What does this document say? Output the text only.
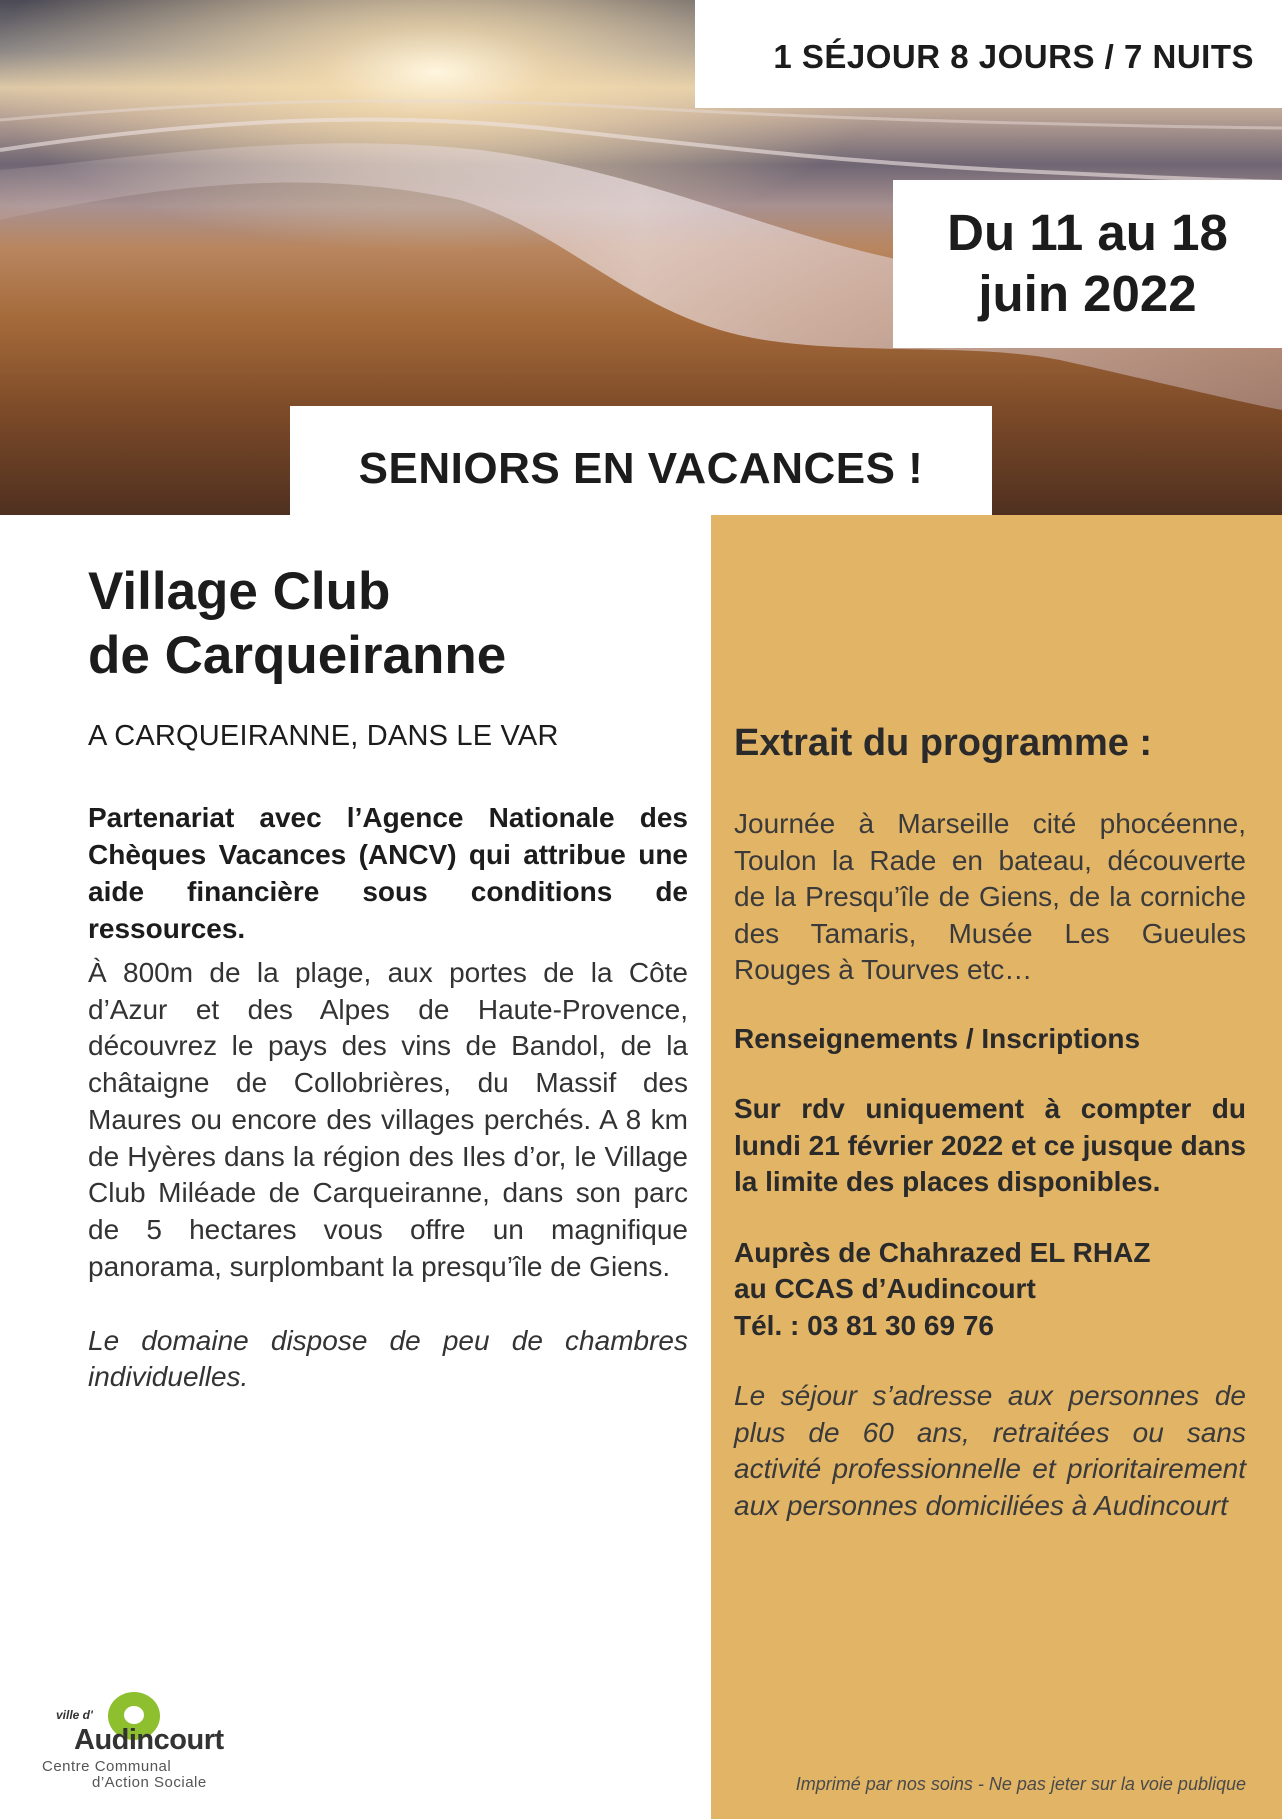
1 SÉJOUR 8 JOURS / 7 NUITS
Du 11 au 18
juin 2022
SENIORS EN VACANCES !
Village Club
de Carqueiranne
A CARQUEIRANNE, DANS LE VAR
Partenariat avec l’Agence Nationale des Chèques Vacances (ANCV) qui attribue une aide financière sous conditions de ressources.
À 800m de la plage, aux portes de la Côte d’Azur et des Alpes de Haute-Provence, découvrez le pays des vins de Bandol, de la châtaigne de Collobrières, du Massif des Maures ou encore des villages perchés. A 8 km de Hyères dans la région des Iles d’or, le Village Club Miléade de Carqueiranne, dans son parc de 5 hectares vous offre un magnifique panorama, surplombant la presqu’île de Giens.
Le domaine dispose de peu de chambres individuelles.
Extrait du programme :
Journée à Marseille cité phocéenne, Toulon la Rade en bateau, découverte de la Presqu’île de Giens, de la corniche des Tamaris, Musée Les Gueules Rouges à Tourves etc…
Renseignements / Inscriptions
Sur rdv uniquement à compter du lundi 21 février 2022 et ce jusque dans la limite des places disponibles.
Auprès de Chahrazed EL RHAZ
au CCAS d’Audincourt
Tél. : 03 81 30 69 76
Le séjour s’adresse aux personnes de plus de 60 ans, retraitées ou sans activité professionnelle et prioritairement aux personnes domiciliées à Audincourt
ville d'
Audincourt
Centre Communal
d’Action Sociale	Imprimé par nos soins - Ne pas jeter sur la voie publique
